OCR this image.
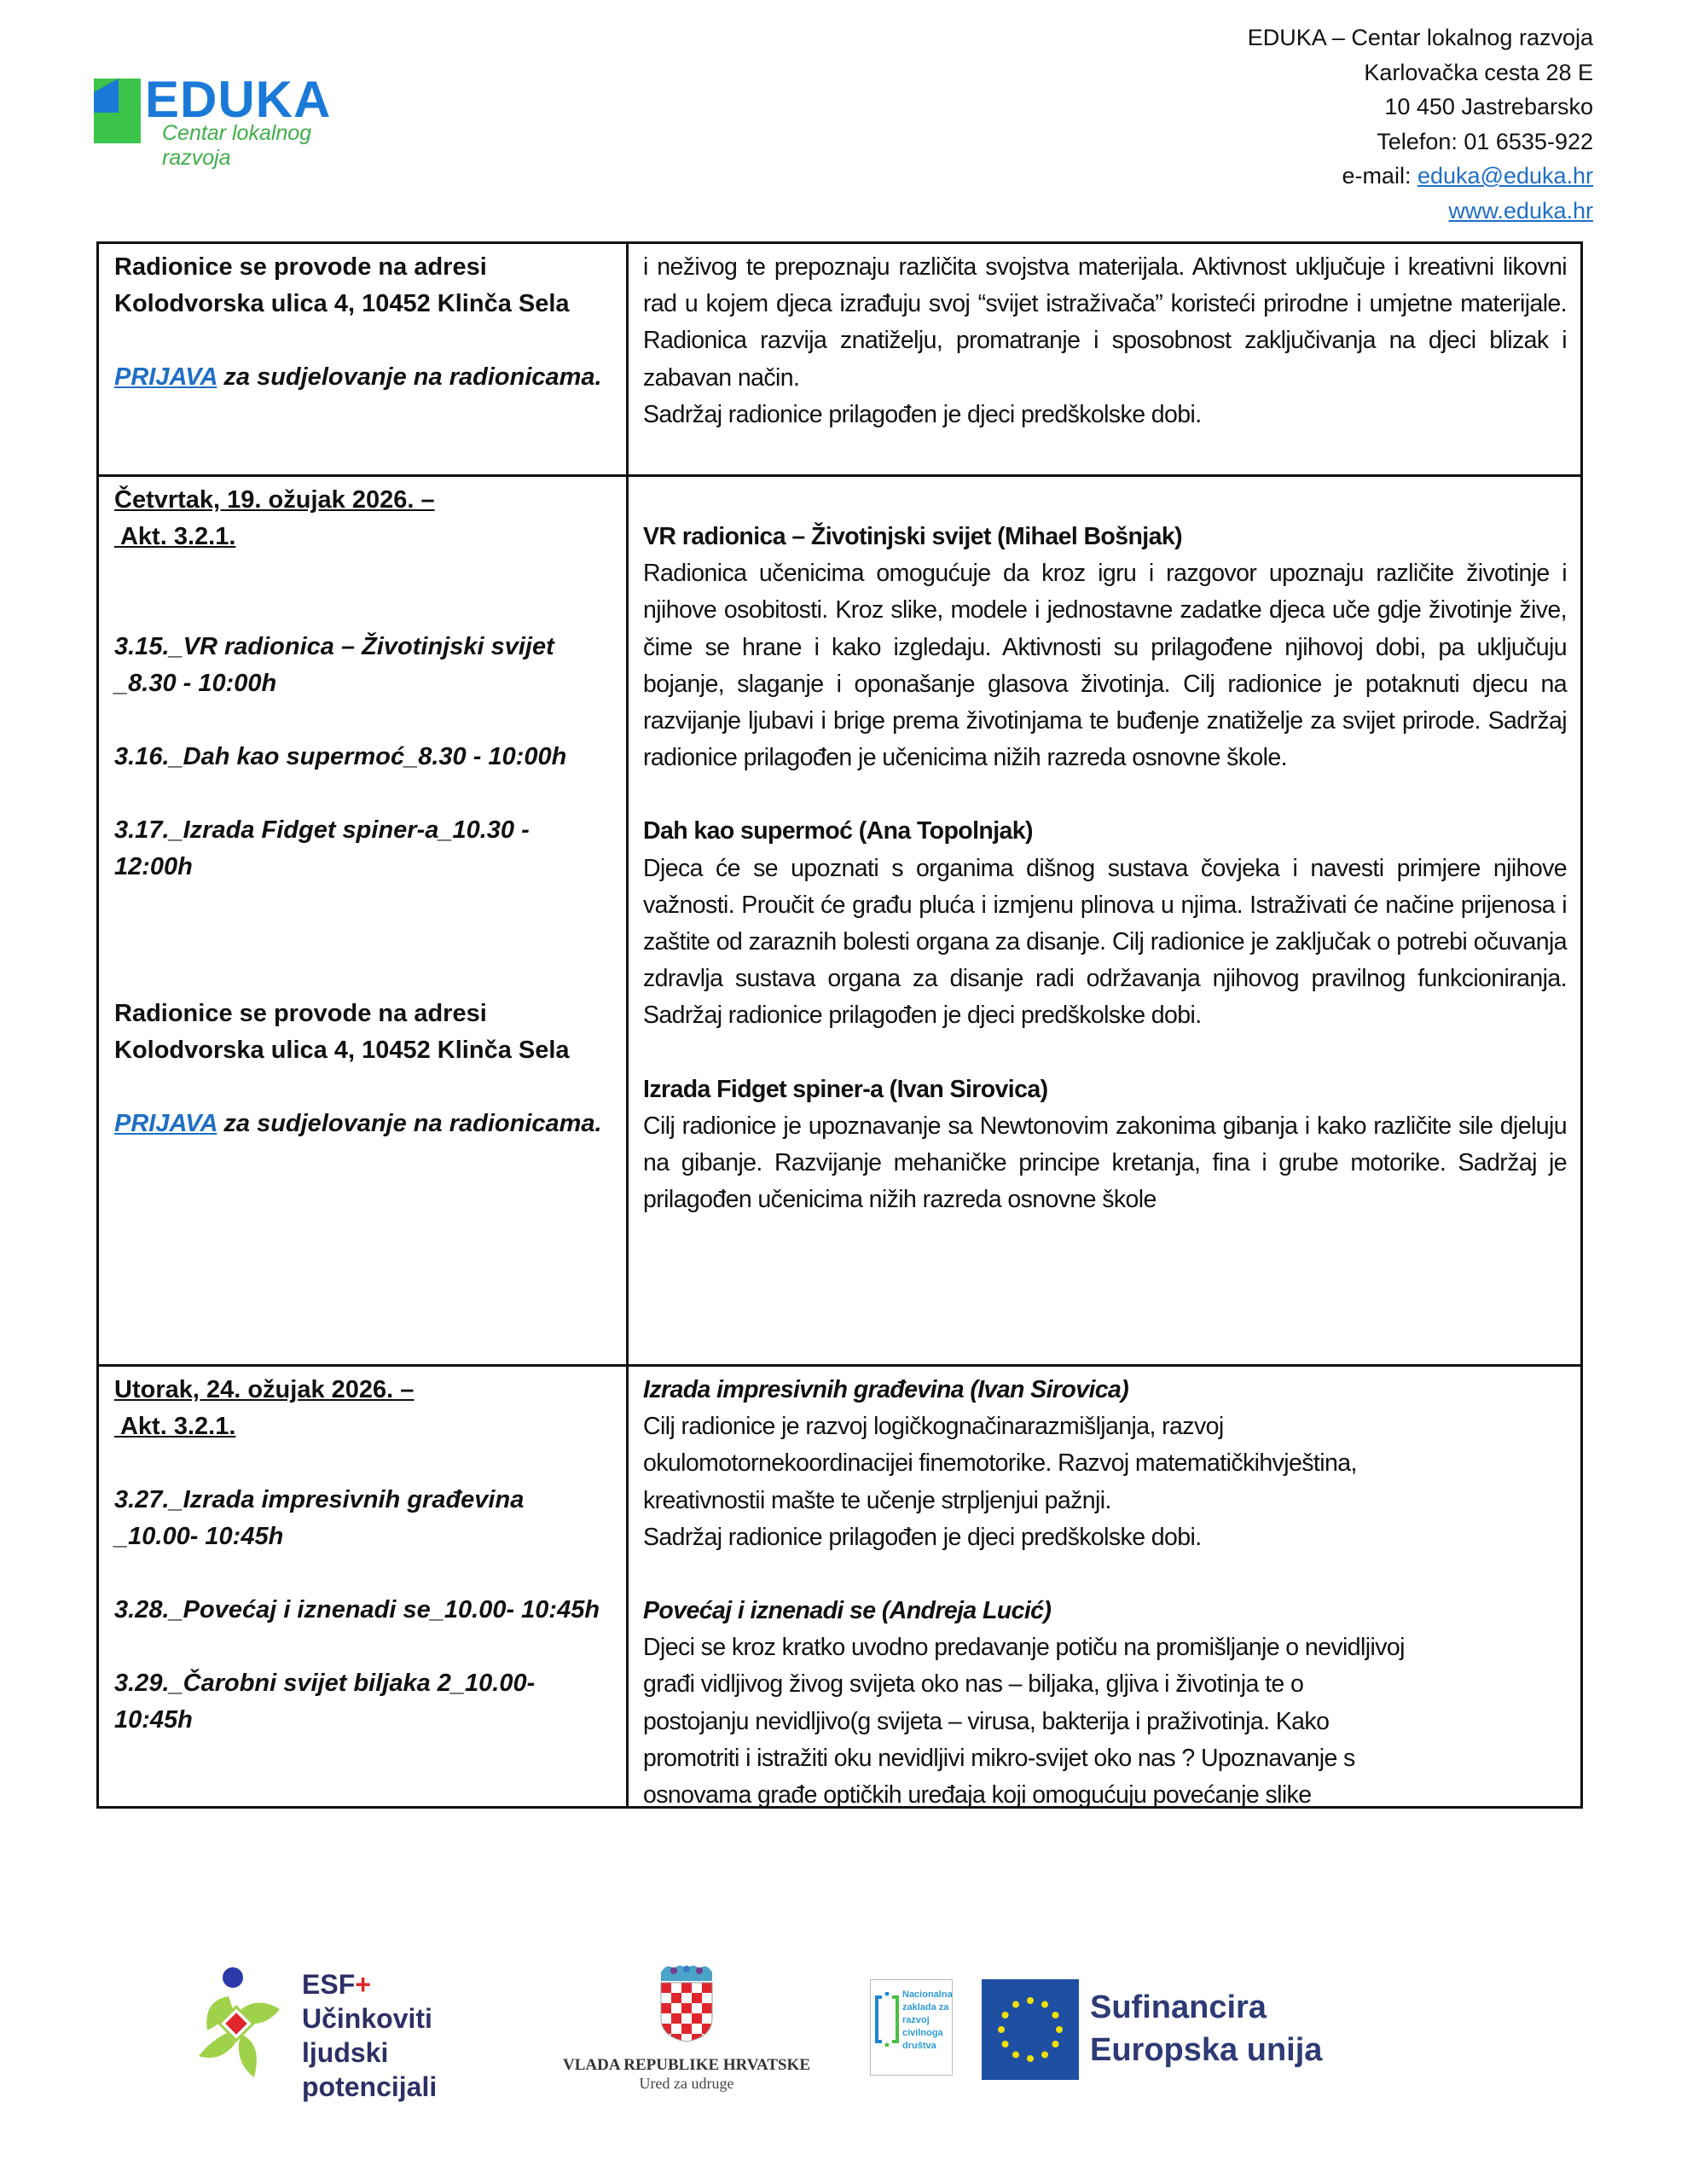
EDUKA
Centar lokalnog razvoja
EDUKA – Centar lokalnog razvoja
Karlovačka cesta 28 E
10 450 Jastrebarsko
Telefon: 01 6535-922
e-mail: eduka@eduka.hr
www.eduka.hr
Radionice se provode na adresi
Kolodvorska ulica 4, 10452 Klinča Sela
PRIJAVA za sudjelovanje na radionicama.
i neživog te prepoznaju različita svojstva materijala. Aktivnost uključuje i kreativni likovni rad u kojem djeca izrađuju svoj “svijet istraživača” koristeći prirodne i umjetne materijale. Radionica razvija znatiželju, promatranje i sposobnost zaključivanja na djeci blizak i zabavan način.
Sadržaj radionice prilagođen je djeci predškolske dobi.
Četvrtak, 19. ožujak 2026. –
Akt. 3.2.1.
3.15._VR radionica – Životinjski svijet _8.30 - 10:00h
3.16._Dah kao supermoć_8.30 - 10:00h
3.17._Izrada Fidget spiner-a_10.30 - 12:00h
Radionice se provode na adresi
Kolodvorska ulica 4, 10452 Klinča Sela
PRIJAVA za sudjelovanje na radionicama.
VR radionica – Životinjski svijet (Mihael Bošnjak)
Radionica učenicima omogućuje da kroz igru i razgovor upoznaju različite životinje i njihove osobitosti. Kroz slike, modele i jednostavne zadatke djeca uče gdje životinje žive, čime se hrane i kako izgledaju. Aktivnosti su prilagođene njihovoj dobi, pa uključuju bojanje, slaganje i oponašanje glasova životinja. Cilj radionice je potaknuti djecu na razvijanje ljubavi i brige prema životinjama te buđenje znatiželje za svijet prirode. Sadržaj radionice prilagođen je učenicima nižih razreda osnovne škole.
Dah kao supermoć (Ana Topolnjak)
Djeca će se upoznati s organima dišnog sustava čovjeka i navesti primjere njihove važnosti. Proučit će građu pluća i izmjenu plinova u njima. Istraživati će načine prijenosa i zaštite od zaraznih bolesti organa za disanje. Cilj radionice je zaključak o potrebi očuvanja zdravlja sustava organa za disanje radi održavanja njihovog pravilnog funkcioniranja. Sadržaj radionice prilagođen je djeci predškolske dobi.
Izrada Fidget spiner-a (Ivan Sirovica)
Cilj radionice je upoznavanje sa Newtonovim zakonima gibanja i kako različite sile djeluju na gibanje. Razvijanje mehaničke principe kretanja, fina i grube motorike. Sadržaj je prilagođen učenicima nižih razreda osnovne škole
Utorak, 24. ožujak 2026. –
Akt. 3.2.1.
3.27._Izrada impresivnih građevina _10.00- 10:45h
3.28._Povećaj i iznenadi se_10.00- 10:45h
3.29._Čarobni svijet biljaka 2_10.00- 10:45h
Izrada impresivnih građevina (Ivan Sirovica)
Cilj radionice je razvoj logičkognačinarazmišljanja, razvoj
okulomotornekoordinacijei finemotorike. Razvoj matematičkihvještina,
kreativnostii mašte te učenje strpljenjui pažnji.
Sadržaj radionice prilagođen je djeci predškolske dobi.
Povećaj i iznenadi se (Andreja Lucić)
Djeci se kroz kratko uvodno predavanje potiču na promišljanje o nevidljivoj
građi vidljivog živog svijeta oko nas – biljaka, gljiva i životinja te o
postojanju nevidljivo(g svijeta – virusa, bakterija i praživotinja. Kako
promotriti i istražiti oku nevidljivi mikro-svijet oko nas ? Upoznavanje s
osnovama građe optičkih uređaja koji omogućuju povećanje slike
ESF+
Učinkoviti ljudski
potencijali
VLADA REPUBLIKE HRVATSKE
Ured za udruge
Nacionalna
zaklada za
razvoj
civilnoga
društva
Sufinancira
Europska unija
